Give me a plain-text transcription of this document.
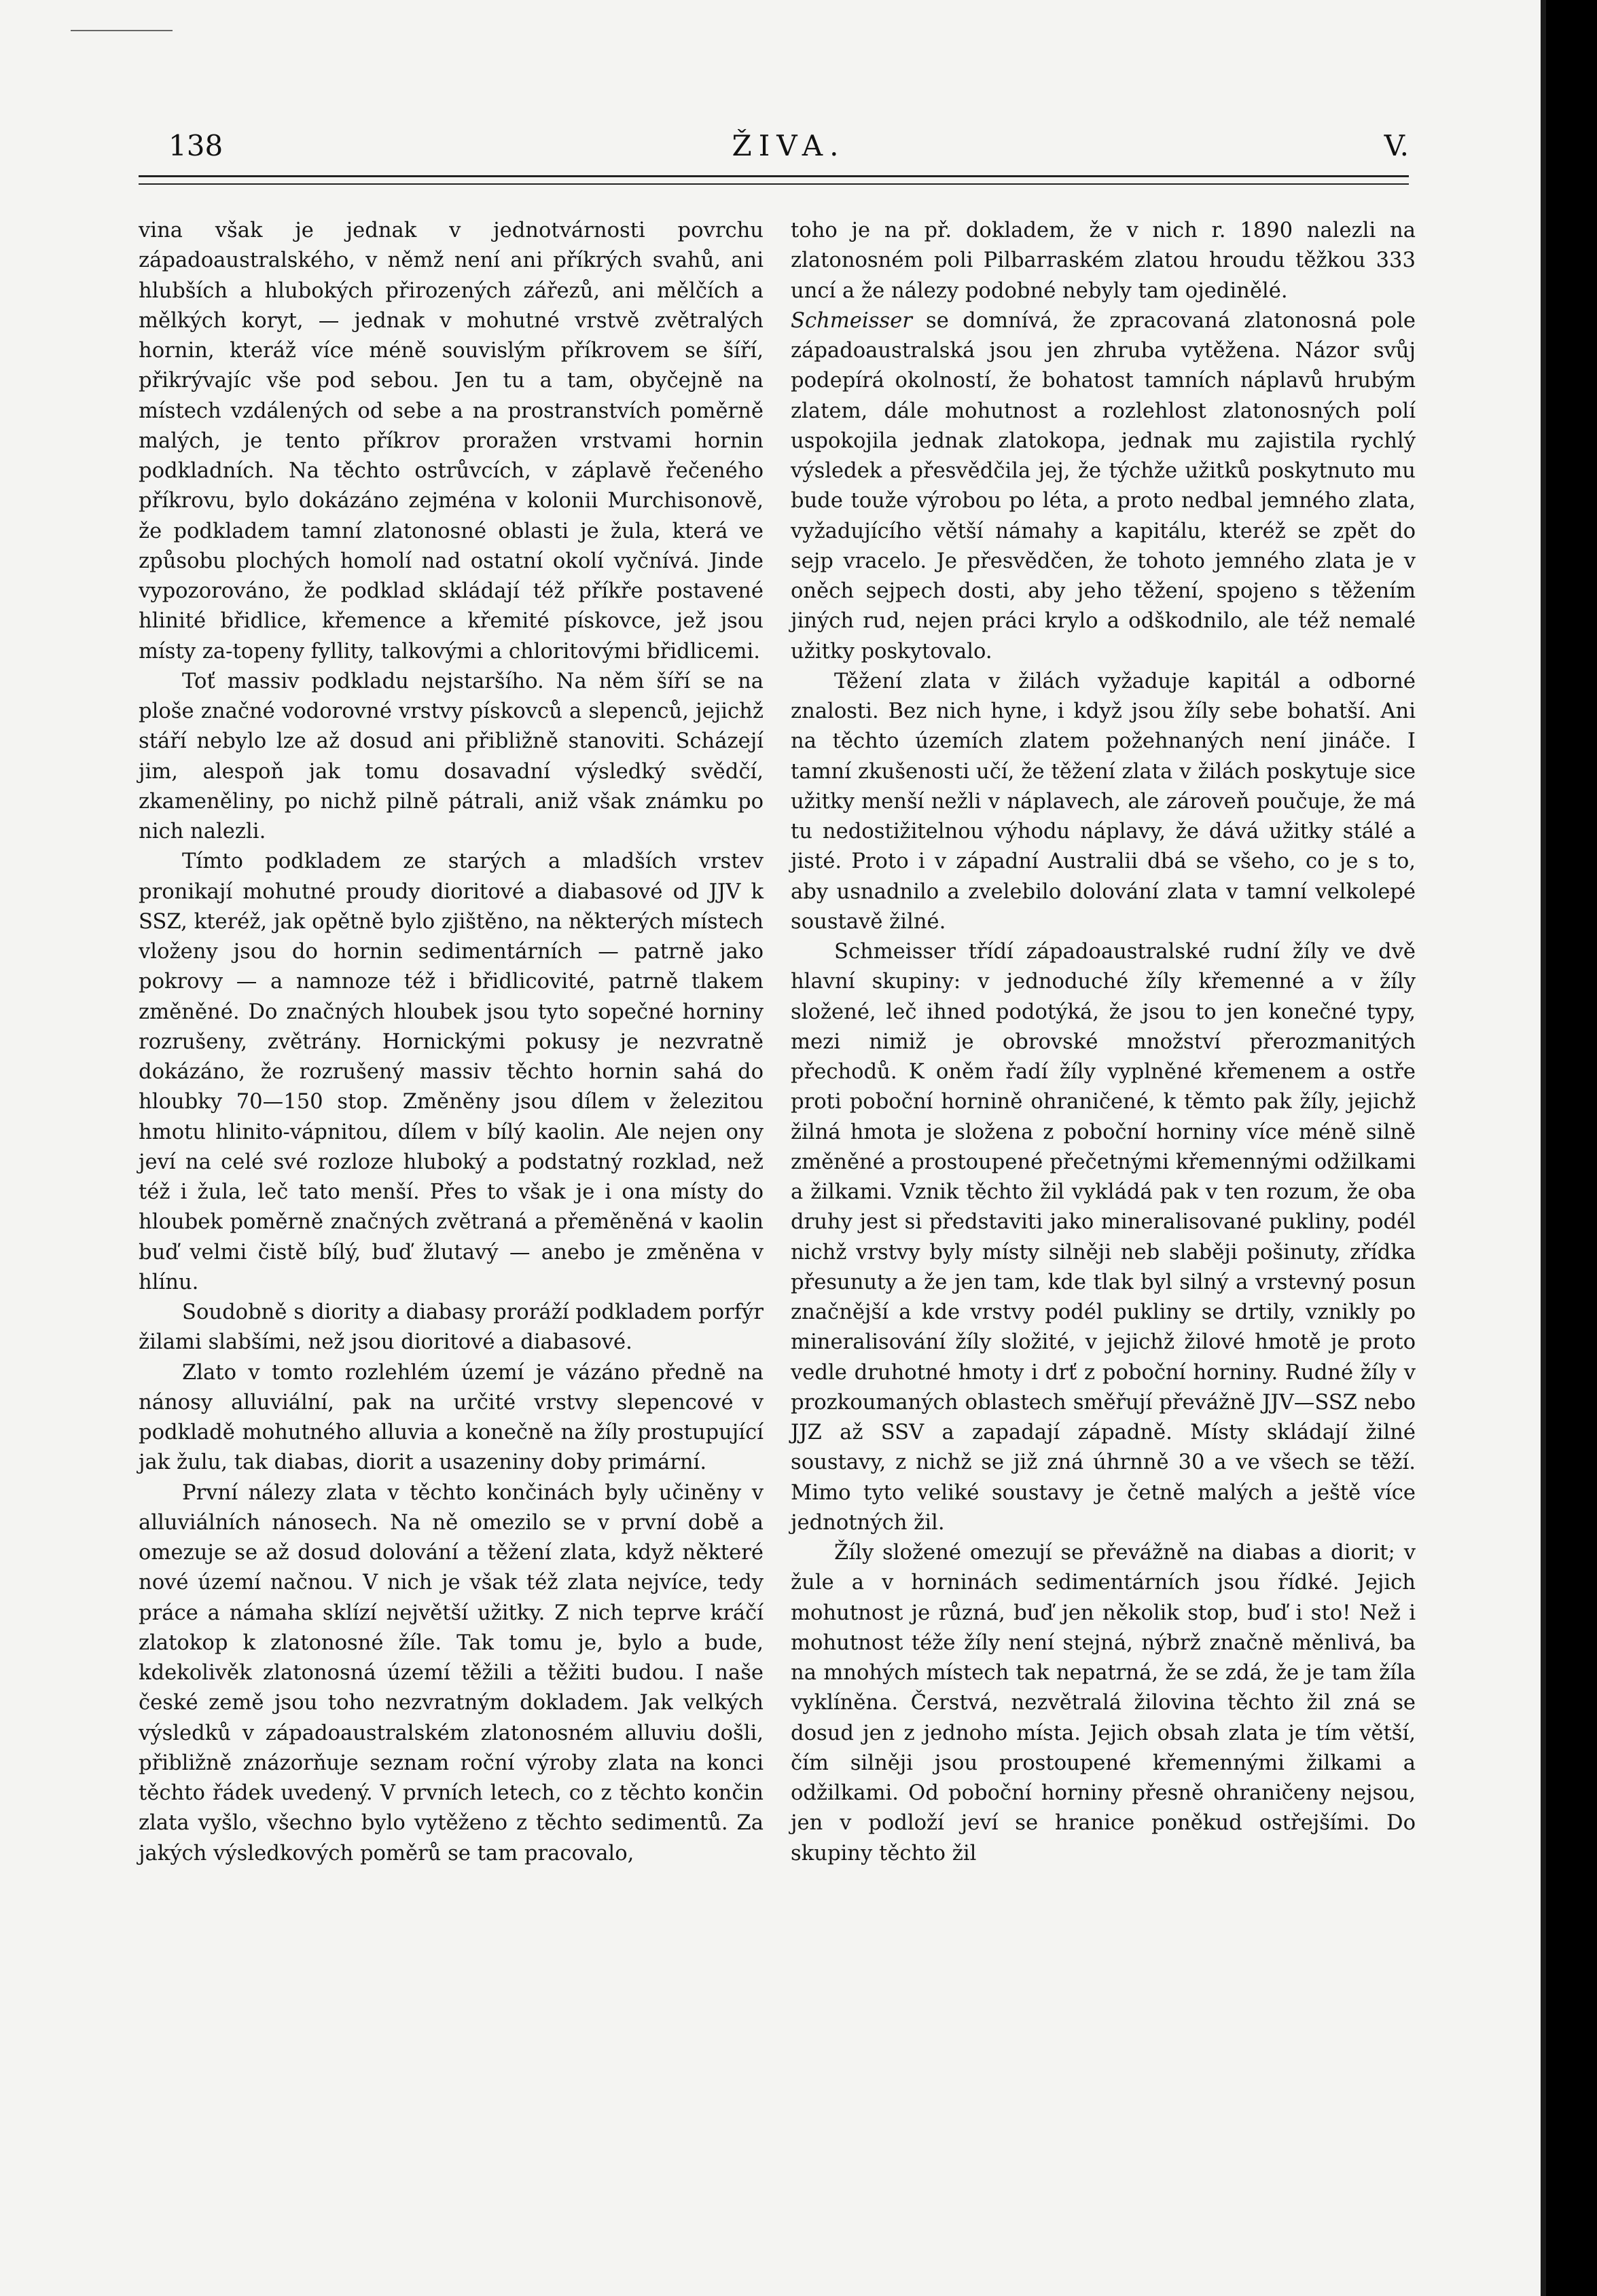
138	ŽIVA.	V.

vina však je jednak v jednotvárnosti povrchu západoaustralského, v němž není ani příkrých svahů, ani hlubších a hlubokých přirozených zářezů, ani mělčích a mělkých koryt, — jednak v mohutné vrstvě zvětralých hornin, kteráž více méně souvislým příkrovem se šíří, přikrývajíc vše pod sebou. Jen tu a tam, obyčejně na místech vzdálených od sebe a na prostranstvích poměrně malých, je tento příkrov proražen vrstvami hornin podkladních. Na těchto ostrůvcích, v záplavě řečeného příkrovu, bylo dokázáno zejména v kolonii Murchisonově, že podkladem tamní zlatonosné oblasti je žula, která ve způsobu plochých homolí nad ostatní okolí vyčnívá. Jinde vypozorováno, že podklad skládají též příkře postavené hlinité břidlice, křemence a křemité pískovce, jež jsou místy za-topeny fyllity, talkovými a chloritovými břidlicemi.

Toť massiv podkladu nejstaršího. Na něm šíří se na ploše značné vodorovné vrstvy pískovců a slepenců, jejichž stáří nebylo lze až dosud ani přibližně stanoviti. Scházejí jim, alespoň jak tomu dosavadní výsledký svědčí, zkameněliny, po nichž pilně pátrali, aniž však známku po nich nalezli.

Tímto podkladem ze starých a mladších vrstev pronikají mohutné proudy dioritové a diabasové od JJV k SSZ, kteréž, jak opětně bylo zjištěno, na některých místech vloženy jsou do hornin sedimentárních — patrně jako pokrovy — a namnoze též i břidlicovité, patrně tlakem změněné. Do značných hloubek jsou tyto sopečné horniny rozrušeny, zvětrány. Hornickými pokusy je nezvratně dokázáno, že rozrušený massiv těchto hornin sahá do hloubky 70—150 stop. Změněny jsou dílem v železitou hmotu hlinito-vápnitou, dílem v bílý kaolin. Ale nejen ony jeví na celé své rozloze hluboký a podstatný rozklad, než též i žula, leč tato menší. Přes to však je i ona místy do hloubek poměrně značných zvětraná a přeměněná v kaolin buď velmi čistě bílý, buď žlutavý — anebo je změněna v hlínu.

Soudobně s diority a diabasy proráží podkladem porfýr žilami slabšími, než jsou dioritové a diabasové.

Zlato v tomto rozlehlém území je vázáno předně na nánosy alluviální, pak na určité vrstvy slepencové v podkladě mohutného alluvia a konečně na žíly prostupující jak žulu, tak diabas, diorit a usazeniny doby primární.

První nálezy zlata v těchto končinách byly učiněny v alluviálních nánosech. Na ně omezilo se v první době a omezuje se až dosud dolování a těžení zlata, když některé nové území načnou. V nich je však též zlata nejvíce, tedy práce a námaha sklízí největší užitky. Z nich teprve kráčí zlatokop k zlatonosné žíle. Tak tomu je, bylo a bude, kdekolivěk zlatonosná území těžili a těžiti budou. I naše české země jsou toho nezvratným dokladem. Jak velkých výsledků v západoaustralském zlatonosném alluviu došli, přibližně znázorňuje seznam roční výroby zlata na konci těchto řádek uvedený. V prvních letech, co z těchto končin zlata vyšlo, všechno bylo vytěženo z těchto sedimentů. Za jakých výsledkových poměrů se tam pracovalo,

toho je na př. dokladem, že v nich r. 1890 nalezli na zlatonosném poli Pilbarraském zlatou hroudu těžkou 333 uncí a že nálezy podobné nebyly tam ojedinělé.

Schmeisser se domnívá, že zpracovaná zlatonosná pole západoaustralská jsou jen zhruba vytěžena. Názor svůj podepírá okolností, že bohatost tamních náplavů hrubým zlatem, dále mohutnost a rozlehlost zlatonosných polí uspokojila jednak zlatokopa, jednak mu zajistila rychlý výsledek a přesvědčila jej, že týchže užitků poskytnuto mu bude touže výrobou po léta, a proto nedbal jemného zlata, vyžadujícího větší námahy a kapitálu, kteréž se zpět do sejp vracelo. Je přesvědčen, že tohoto jemného zlata je v oněch sejpech dosti, aby jeho těžení, spojeno s těžením jiných rud, nejen práci krylo a odškodnilo, ale též nemalé užitky poskytovalo.

Těžení zlata v žilách vyžaduje kapitál a odborné znalosti. Bez nich hyne, i když jsou žíly sebe bohatší. Ani na těchto územích zlatem požehnaných není jináče. I tamní zkušenosti učí, že těžení zlata v žilách poskytuje sice užitky menší nežli v náplavech, ale zároveň poučuje, že má tu nedostižitelnou výhodu náplavy, že dává užitky stálé a jisté. Proto i v západní Australii dbá se všeho, co je s to, aby usnadnilo a zvelebilo dolování zlata v tamní velkolepé soustavě žilné.

Schmeisser třídí západoaustralské rudní žíly ve dvě hlavní skupiny: v jednoduché žíly křemenné a v žíly složené, leč ihned podotýká, že jsou to jen konečné typy, mezi nimiž je obrovské množství přerozmanitých přechodů. K oněm řadí žíly vyplněné křemenem a ostře proti poboční hornině ohraničené, k těmto pak žíly, jejichž žilná hmota je složena z poboční horniny více méně silně změněné a prostoupené přečetnými křemennými odžilkami a žilkami. Vznik těchto žil vykládá pak v ten rozum, že oba druhy jest si představiti jako mineralisované pukliny, podél nichž vrstvy byly místy silněji neb slaběji pošinuty, zřídka přesunuty a že jen tam, kde tlak byl silný a vrstevný posun značnější a kde vrstvy podél pukliny se drtily, vznikly po mineralisování žíly složité, v jejichž žilové hmotě je proto vedle druhotné hmoty i drť z poboční horniny. Rudné žíly v prozkoumaných oblastech směřují převážně JJV—SSZ nebo JJZ až SSV a zapadají západně. Místy skládají žilné soustavy, z nichž se již zná úhrnně 30 a ve všech se těží. Mimo tyto veliké soustavy je četně malých a ještě více jednotných žil.

Žíly složené omezují se převážně na diabas a diorit; v žule a v horninách sedimentárních jsou řídké. Jejich mohutnost je různá, buď jen několik stop, buď i sto! Než i mohutnost téže žíly není stejná, nýbrž značně měnlivá, ba na mnohých místech tak nepatrná, že se zdá, že je tam žíla vyklíněna. Čerstvá, nezvětralá žilovina těchto žil zná se dosud jen z jednoho místa. Jejich obsah zlata je tím větší, čím silněji jsou prostoupené křemennými žilkami a odžilkami. Od poboční horniny přesně ohraničeny nejsou, jen v podloží jeví se hranice poněkud ostřejšími. Do skupiny těchto žil
